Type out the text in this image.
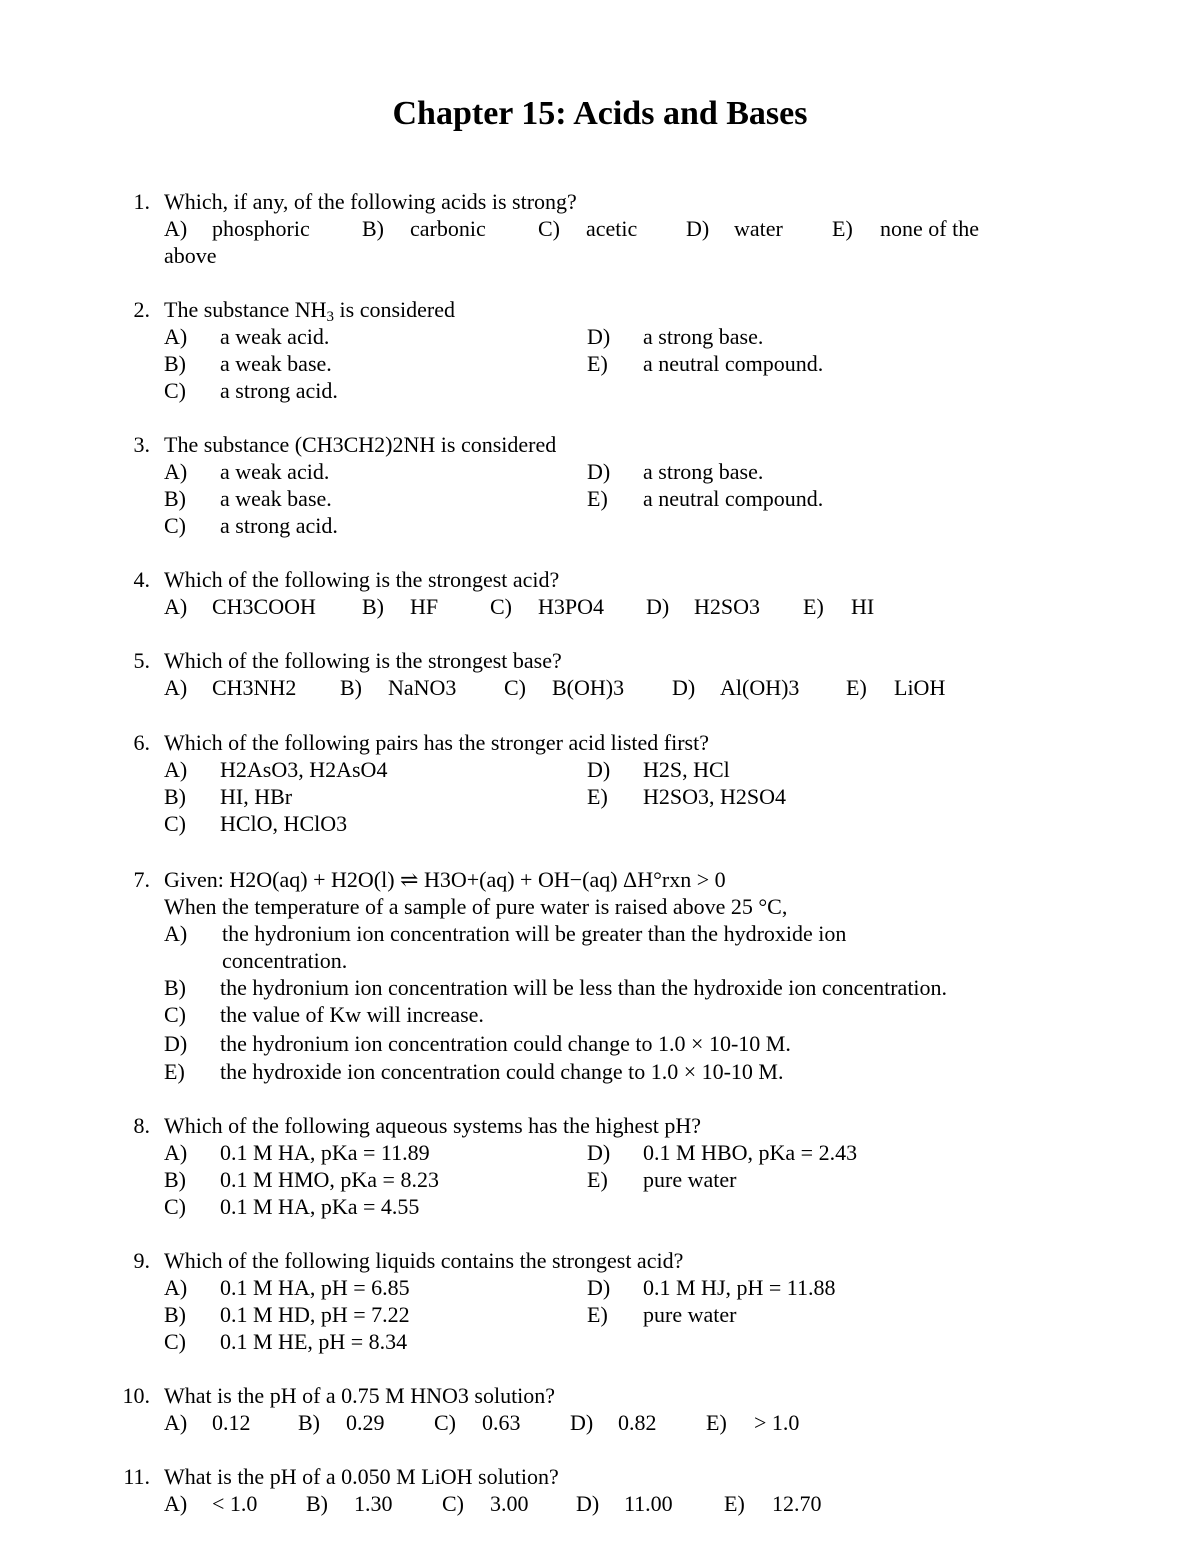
Chapter 15: Acids and Bases
1. Which, if any, of the following acids is strong?
A) phosphoric B) carbonic C) acetic D) water E) none of the
above
2. The substance $NH_3$ is considered
A) a weak acid.
B) a weak base.
C) a strong acid.
D) a strong base.
E) a neutral compound.
3. The substance (CH3CH2)2NH is considered
A) a weak acid.
B) a weak base.
C) a strong acid.
D) a strong base.
E) a neutral compound.
4. Which of the following is the strongest acid?
A) CH3COOH B) HF C) H3PO4 D) H2SO3 E) HI
5. Which of the following is the strongest base?
A) CH3NH2 B) NaNO3 C) B(OH)3 D) Al(OH)3 E) LiOH
6. Which of the following pairs has the stronger acid listed first?
A) H2AsO3, H2AsO4
B) HI, HBr
C) HClO, HClO3
D) H2S, HCl
E) H2SO3, H2SO4
7. Given: H2O(aq) + H2O(l) ⇌ H3O+(aq) + OH−(aq) ΔH°rxn > 0
When the temperature of a sample of pure water is raised above 25 °C,
A) the hydronium ion concentration will be greater than the hydroxide ion
concentration.
B) the hydronium ion concentration will be less than the hydroxide ion concentration.
C) the value of Kw will increase.
D) the hydronium ion concentration could change to 1.0 × 10-10 M.
E) the hydroxide ion concentration could change to 1.0 × 10-10 M.
8. Which of the following aqueous systems has the highest pH?
A) 0.1 M HA, pKa = 11.89
B) 0.1 M HMO, pKa = 8.23
C) 0.1 M HA, pKa = 4.55
D) 0.1 M HBO, pKa = 2.43
E) pure water
9. Which of the following liquids contains the strongest acid?
A) 0.1 M HA, pH = 6.85
B) 0.1 M HD, pH = 7.22
C) 0.1 M HE, pH = 8.34
D) 0.1 M HJ, pH = 11.88
E) pure water
10. What is the pH of a 0.75 M HNO3 solution?
A) 0.12 B) 0.29 C) 0.63 D) 0.82 E) > 1.0
11. What is the pH of a 0.050 M LiOH solution?
A) < 1.0 B) 1.30 C) 3.00 D) 11.00 E) 12.70
